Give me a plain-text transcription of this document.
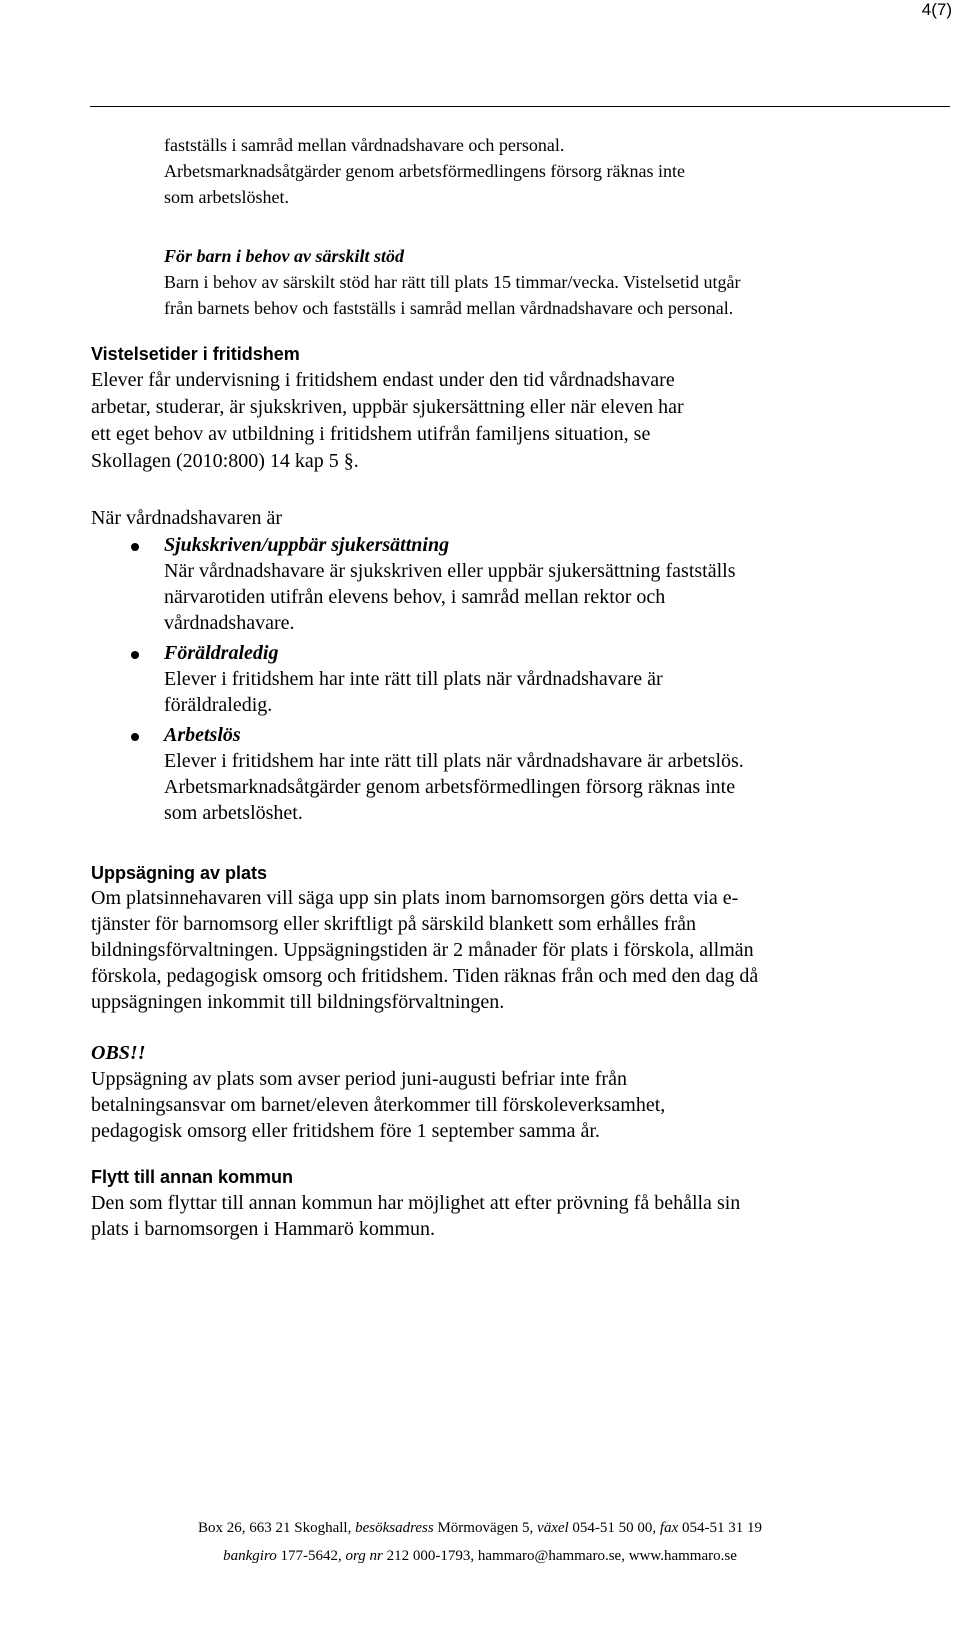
4(7)

fastställs i samråd mellan vårdnadshavare och personal.

Arbetsmarknadsåtgärder genom arbetsförmedlingens försorg räknas inte

som arbetslöshet.

För barn i behov av särskilt stöd

Barn i behov av särskilt stöd har rätt till plats 15 timmar/vecka. Vistelsetid utgår

från barnets behov och fastställs i samråd mellan vårdnadshavare och personal.

Vistelsetider i fritidshem

Elever får undervisning i fritidshem endast under den tid vårdnadshavare

arbetar, studerar, är sjukskriven, uppbär sjukersättning eller när eleven har

ett eget behov av utbildning i fritidshem utifrån familjens situation, se

Skollagen (2010:800) 14 kap 5 §.

När vårdnadshavaren är

Sjukskriven/uppbär sjukersättning

När vårdnadshavare är sjukskriven eller uppbär sjukersättning fastställs

närvarotiden utifrån elevens behov, i samråd mellan rektor och

vårdnadshavare.

Föräldraledig

Elever i fritidshem har inte rätt till plats när vårdnadshavare är

föräldraledig.

Arbetslös

Elever i fritidshem har inte rätt till plats när vårdnadshavare är arbetslös.

Arbetsmarknadsåtgärder genom arbetsförmedlingen försorg räknas inte

som arbetslöshet.

Uppsägning av plats

Om platsinnehavaren vill säga upp sin plats inom barnomsorgen görs detta via e-

tjänster för barnomsorg eller skriftligt på särskild blankett som erhålles från

bildningsförvaltningen. Uppsägningstiden är 2 månader för plats i förskola, allmän

förskola, pedagogisk omsorg och fritidshem. Tiden räknas från och med den dag då

uppsägningen inkommit till bildningsförvaltningen.

OBS!!

Uppsägning av plats som avser period juni-augusti befriar inte från

betalningsansvar om barnet/eleven återkommer till förskoleverksamhet,

pedagogisk omsorg eller fritidshem före 1 september samma år.

Flytt till annan kommun

Den som flyttar till annan kommun har möjlighet att efter prövning få behålla sin

plats i barnomsorgen i Hammarö kommun.

Box 26, 663 21 Skoghall, besöksadress Mörmovägen 5, växel 054-51 50 00, fax 054-51 31 19
bankgiro 177-5642, org nr 212 000-1793, hammaro@hammaro.se, www.hammaro.se
